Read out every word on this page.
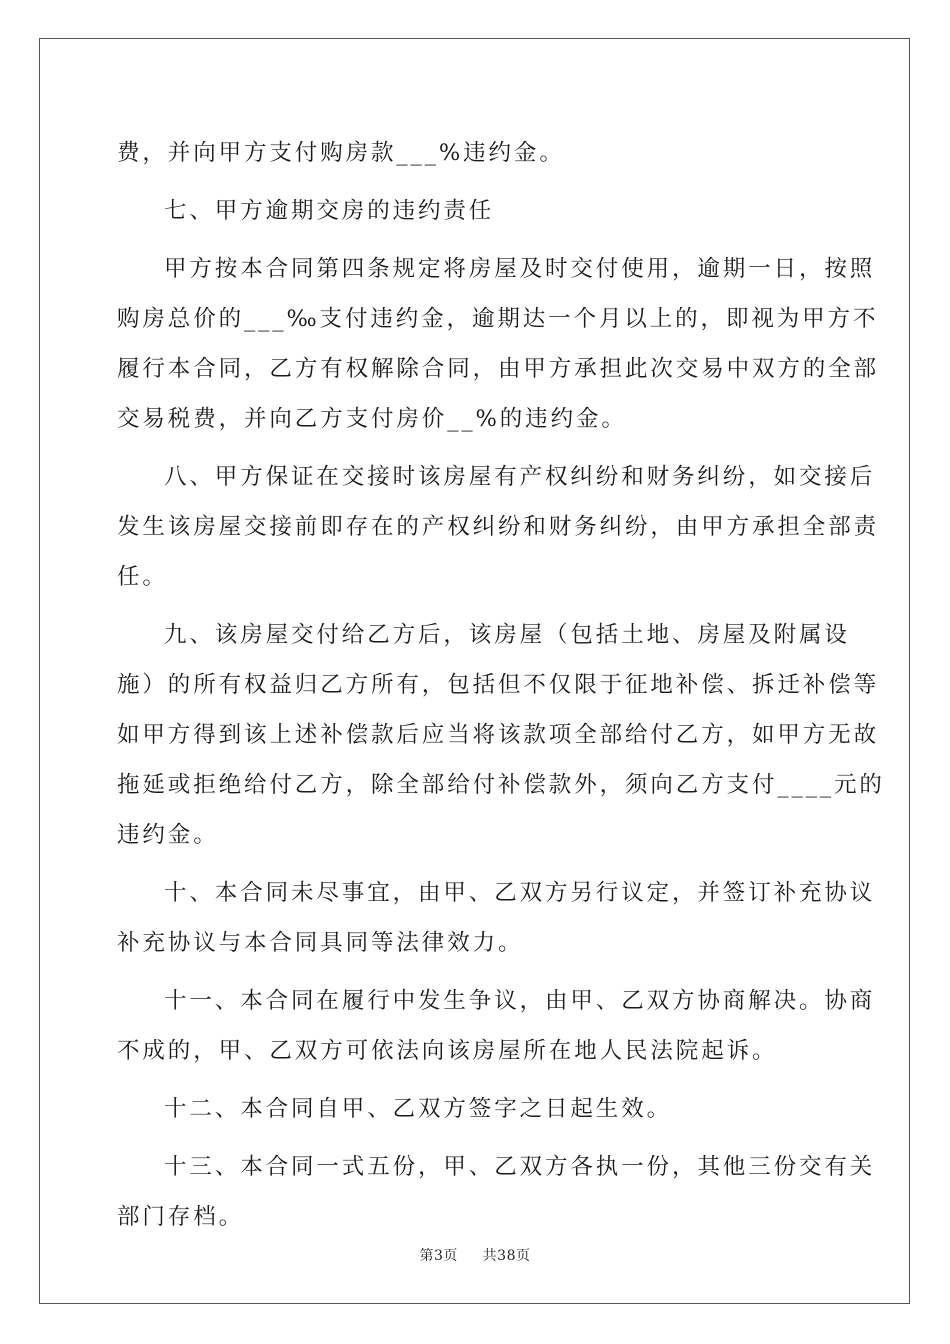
费，并向甲方支付购房款___%违约金。
七、甲方逾期交房的违约责任
甲方按本合同第四条规定将房屋及时交付使用，逾期一日，按照
购房总价的___‰支付违约金，逾期达一个月以上的，即视为甲方不
履行本合同，乙方有权解除合同，由甲方承担此次交易中双方的全部
交易税费，并向乙方支付房价__%的违约金。
八、甲方保证在交接时该房屋有产权纠纷和财务纠纷，如交接后
发生该房屋交接前即存在的产权纠纷和财务纠纷，由甲方承担全部责
任。
九、该房屋交付给乙方后，该房屋（包括土地、房屋及附属设
施）的所有权益归乙方所有，包括但不仅限于征地补偿、拆迁补偿等
如甲方得到该上述补偿款后应当将该款项全部给付乙方，如甲方无故
拖延或拒绝给付乙方，除全部给付补偿款外，须向乙方支付____元的
违约金。
十、本合同未尽事宜，由甲、乙双方另行议定，并签订补充协议
补充协议与本合同具同等法律效力。
十一、本合同在履行中发生争议，由甲、乙双方协商解决。协商
不成的，甲、乙双方可依法向该房屋所在地人民法院起诉。
十二、本合同自甲、乙双方签字之日起生效。
十三、本合同一式五份，甲、乙双方各执一份，其他三份交有关
部门存档。
第3页 共38页
